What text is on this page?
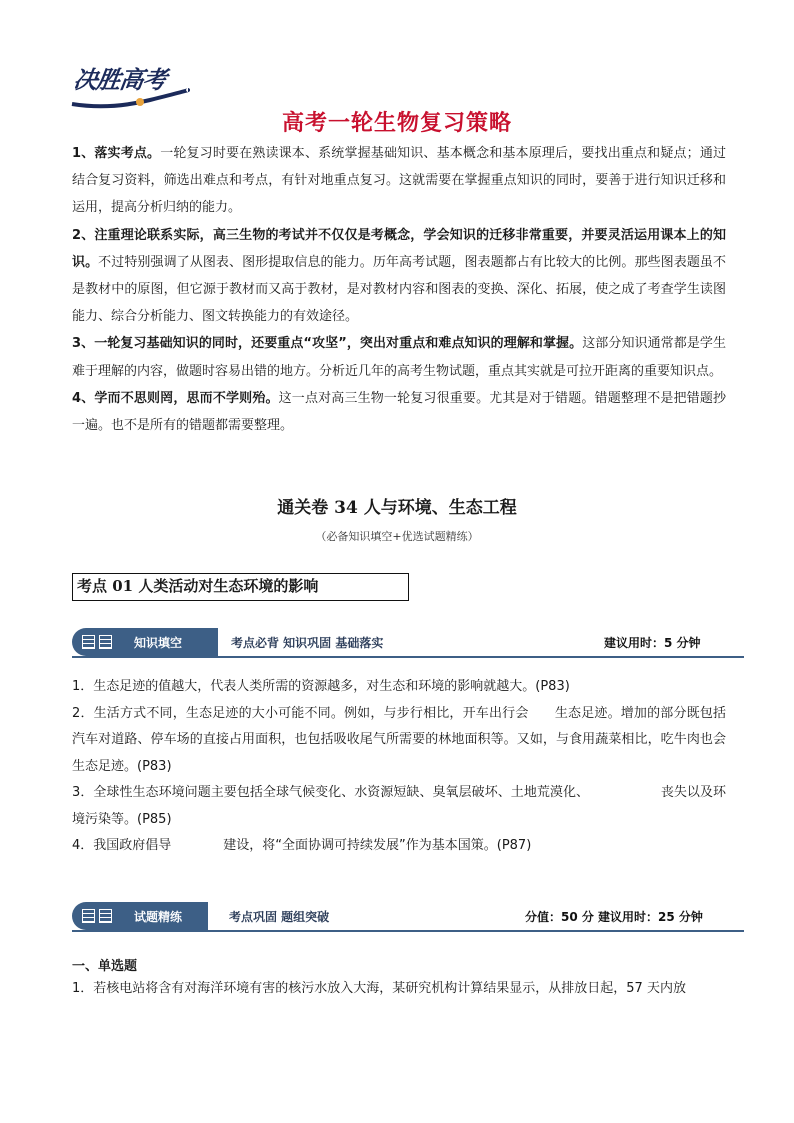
决胜高考
高考一轮生物复习策略

1、落实考点。一轮复习时要在熟读课本、系统掌握基础知识、基本概念和基本原理后，要找出重点和疑点；通过结合复习资料，筛选出难点和考点，有针对地重点复习。这就需要在掌握重点知识的同时，要善于进行知识迁移和运用，提高分析归纳的能力。

2、注重理论联系实际，高三生物的考试并不仅仅是考概念，学会知识的迁移非常重要，并要灵活运用课本上的知识。不过特别强调了从图表、图形提取信息的能力。历年高考试题，图表题都占有比较大的比例。那些图表题虽不是教材中的原图，但它源于教材而又高于教材，是对教材内容和图表的变换、深化、拓展，使之成了考查学生读图能力、综合分析能力、图文转换能力的有效途径。

3、一轮复习基础知识的同时，还要重点“攻坚”，突出对重点和难点知识的理解和掌握。这部分知识通常都是学生难于理解的内容，做题时容易出错的地方。分析近几年的高考生物试题，重点其实就是可拉开距离的重要知识点。

4、学而不思则罔，思而不学则殆。这一点对高三生物一轮复习很重要。尤其是对于错题。错题整理不是把错题抄一遍。也不是所有的错题都需要整理。

通关卷 34 人与环境、生态工程
（必备知识填空+优选试题精练）
考点 01 人类活动对生态环境的影响
知识填空	考点必背 知识巩固 基础落实	建议用时：5 分钟

1．生态足迹的值越大，代表人类所需的资源越多，对生态和环境的影响就越大。(P83)

2．生活方式不同，生态足迹的大小可能不同。例如，与步行相比，开车出行会　　生态足迹。增加的部分既包括汽车对道路、停车场的直接占用面积，也包括吸收尾气所需要的林地面积等。又如，与食用蔬菜相比，吃牛肉也会　　生态足迹。(P83)

3．全球性生态环境问题主要包括全球气候变化、水资源短缺、臭氧层破坏、土地荒漠化、　　　　　　丧失以及环境污染等。(P85)

4．我国政府倡导　　　　建设，将“全面协调可持续发展”作为基本国策。(P87)

试题精练	考点巩固 题组突破	分值：50 分 建议用时：25 分钟
一、单选题
1．若核电站将含有对海洋环境有害的核污水放入大海，某研究机构计算结果显示，从排放日起，57 天内放
